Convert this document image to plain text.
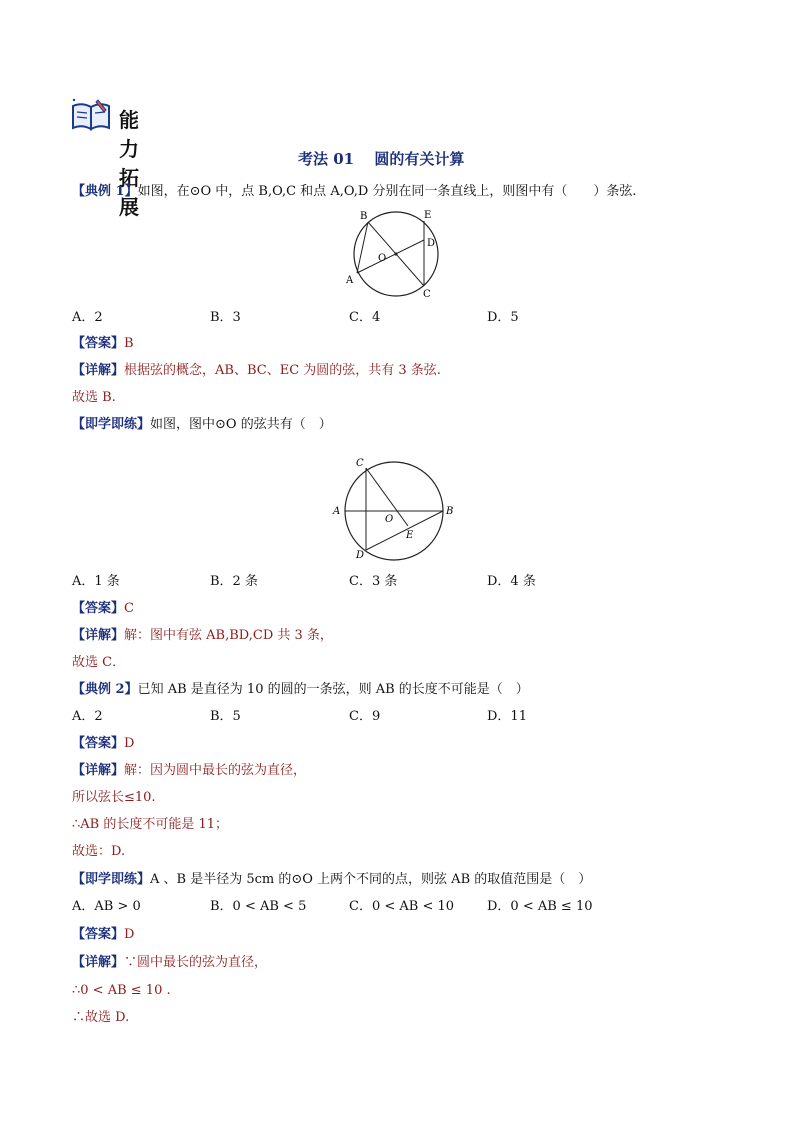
能力拓展
考法 01　 圆的有关计算
【典例 1】如图，在⊙O 中，点 B,O,C 和点 A,O,D 分别在同一条直线上，则图中有（　　）条弦.
B	E
D
O
A
C
A．2	B．3	C．4	D．5
【答案】B
【详解】根据弦的概念，AB、BC、EC 为圆的弦，共有 3 条弦.
故选 B.
【即学即练】如图，图中⊙O 的弦共有（　）
C
A
O
B
E
D
A．1 条	B．2 条	C．3 条	D．4 条
【答案】C
【详解】解：图中有弦 AB,BD,CD 共 3 条，
故选 C．
【典例 2】已知 AB 是直径为 10 的圆的一条弦，则 AB 的长度不可能是（　）
A．2	B．5	C．9	D．11
【答案】D
【详解】解：因为圆中最长的弦为直径，
所以弦长≤10.
∴AB 的长度不可能是 11；
故选：D.
【即学即练】A 、B 是半径为 5cm 的⊙O 上两个不同的点，则弦 AB 的取值范围是（　）
A．AB > 0	B．0 < AB < 5	C．0 < AB < 10	D．0 < AB ≤ 10
【答案】D
【详解】∵圆中最长的弦为直径，
∴0 < AB ≤ 10 .
∴故选 D.
